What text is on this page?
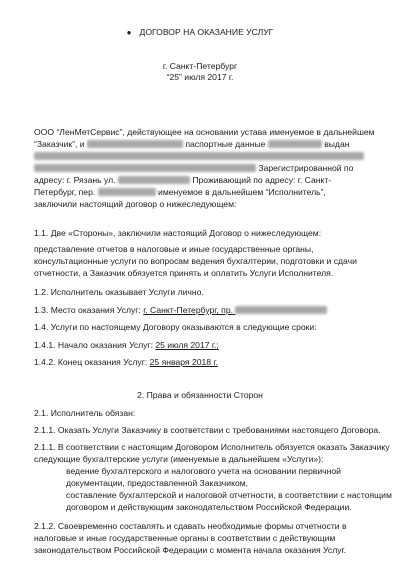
● ДОГОВОР НА ОКАЗАНИЕ УСЛУГ
г. Санкт-Петербург
“25” июля 2017 г.
ООО “ЛенМетСервис”, действующее на основании устава именуемое в дальнейшем
“Заказчик”, и	паспортные данные	выдан
Зарегистрированной по
адресу: г. Рязань ул.	Проживающий по адресу: г. Санкт-
Петербург, пер.	именуемое в дальнейшем “Исполнитель”,
заключили настоящий договор о нижеследующем:
1.1. Две «Стороны», заключили настоящий Договор о нижеследующем:
представление отчетов в налоговые и иные государственные органы,
консультационные услуги по вопросам ведения бухгалтерии, подготовки и сдачи
отчетности, а Заказчик обязуется принять и оплатить Услуги Исполнителя.
1.2. Исполнитель оказывает Услуги лично.
1.3. Место оказания Услуг: г. Санкт-Петербург, пр.
1.4. Услуги по настоящему Договору оказываются в следующие сроки:
1.4.1. Начало оказания Услуг: 25 июля 2017 г.;
1.4.2. Конец оказания Услуг: 25 января 2018 г.
2. Права и обязанности Сторон
2.1. Исполнитель обязан:
2.1.1. Оказать Услуги Заказчику в соответствии с требованиями настоящего Договора.
2.1.1. В соответствии с настоящим Договором Исполнитель обязуется оказать Заказчику
следующие бухгалтерские услуги (именуемые в дальнейшем «Услуги»):
ведение бухгалтерского и налогового учета на основании первичной
документации, предоставленной Заказчиком,
составление бухгалтерской и налоговой отчетности, в соответствии с настоящим
договором и действующим законодательством Российской Федерации.
2.1.2. Своевременно составлять и сдавать необходимые формы отчетности в
налоговые и иные государственные органы в соответствии с действующим
законодательством Российской Федерации с момента начала оказания Услуг.
